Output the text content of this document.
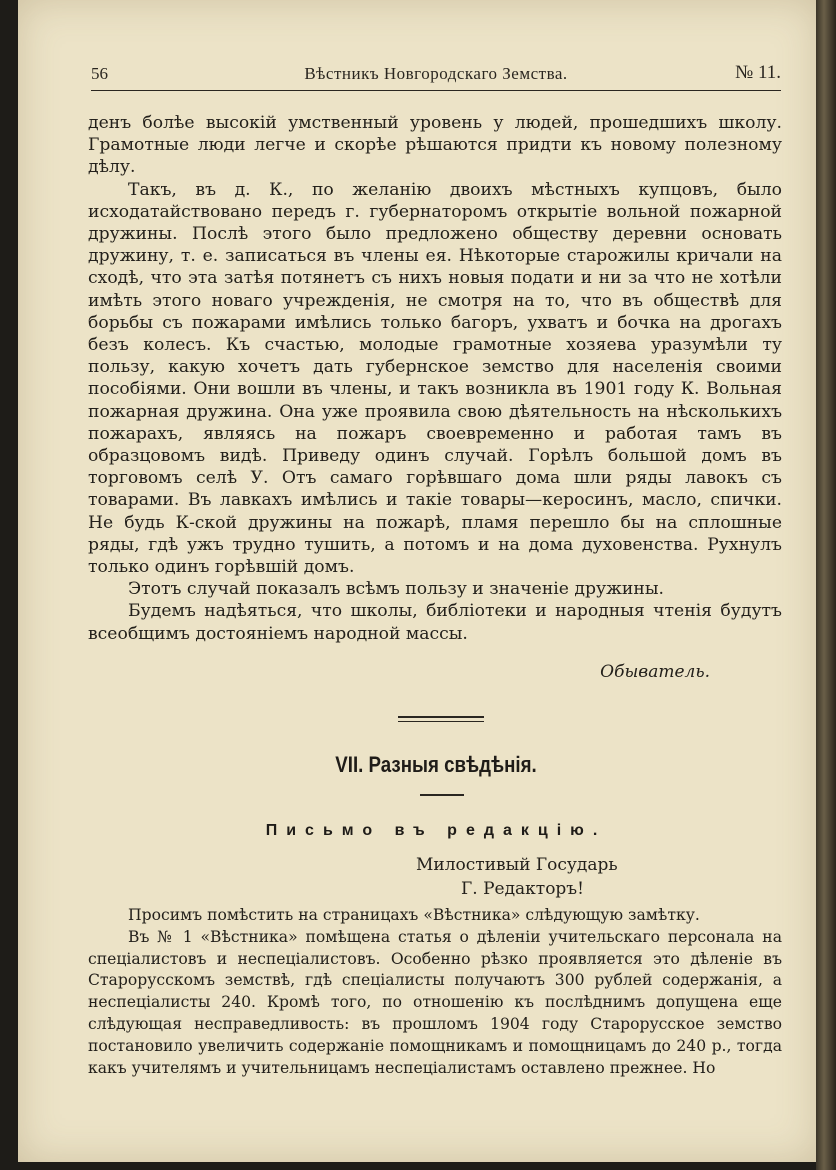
56	Вѣстникъ Новгородскаго Земства.	№ 11.

денъ болѣе высокій умственный уровень у людей, прошедшихъ школу. Грамотные люди легче и скорѣе рѣшаются придти къ новому полезному дѣлу.

Такъ, въ д. К., по желанію двоихъ мѣстныхъ купцовъ, было исходатайствовано передъ г. губернаторомъ открытіе вольной пожарной дружины. Послѣ этого было предложено обществу деревни основать дружину, т. е. записаться въ члены ея. Нѣкоторые старожилы кричали на сходѣ, что эта затѣя потянетъ съ нихъ новыя подати и ни за что не хотѣли имѣть этого новаго учрежденія, не смотря на то, что въ обществѣ для борьбы съ пожарами имѣлись только багоръ, ухватъ и бочка на дрогахъ безъ колесъ. Къ счастью, молодые грамотные хозяева уразумѣли ту пользу, какую хочетъ дать губернское земство для населенія своими пособіями. Они вошли въ члены, и такъ возникла въ 1901 году К. Вольная пожарная дружина. Она уже проявила свою дѣятельность на нѣсколькихъ пожарахъ, являясь на пожаръ своевременно и работая тамъ въ образцовомъ видѣ. Приведу одинъ случай. Горѣлъ большой домъ въ торговомъ селѣ У. Отъ самаго горѣвшаго дома шли ряды лавокъ съ товарами. Въ лавкахъ имѣлись и такіе товары—керосинъ, масло, спички. Не будь К-ской дружины на пожарѣ, пламя перешло бы на сплошные ряды, гдѣ ужъ трудно тушить, а потомъ и на дома духовенства. Рухнулъ только одинъ горѣвшій домъ.

Этотъ случай показалъ всѣмъ пользу и значеніе дружины.

Будемъ надѣяться, что школы, библіотеки и народныя чтенія будутъ всеобщимъ достояніемъ народной массы.

Обыватель.
VII. Разныя свѣдѣнія.
Письмо въ редакцію.
Милостивый Государь
Г. Редакторъ!

Просимъ помѣстить на страницахъ «Вѣстника» слѣдующую замѣтку.

Въ № 1 «Вѣстника» помѣщена статья о дѣленіи учительскаго персонала на спеціалистовъ и неспеціалистовъ. Особенно рѣзко проявляется это дѣленіе въ Старорусскомъ земствѣ, гдѣ спеціалисты получаютъ 300 рублей содержанія, а неспеціалисты 240. Кромѣ того, по отношенію къ послѣднимъ допущена еще слѣдующая несправедливость: въ прошломъ 1904 году Старорусское земство постановило увеличить содержаніе помощникамъ и помощницамъ до 240 р., тогда какъ учителямъ и учительницамъ неспеціалистамъ оставлено прежнее. Но
